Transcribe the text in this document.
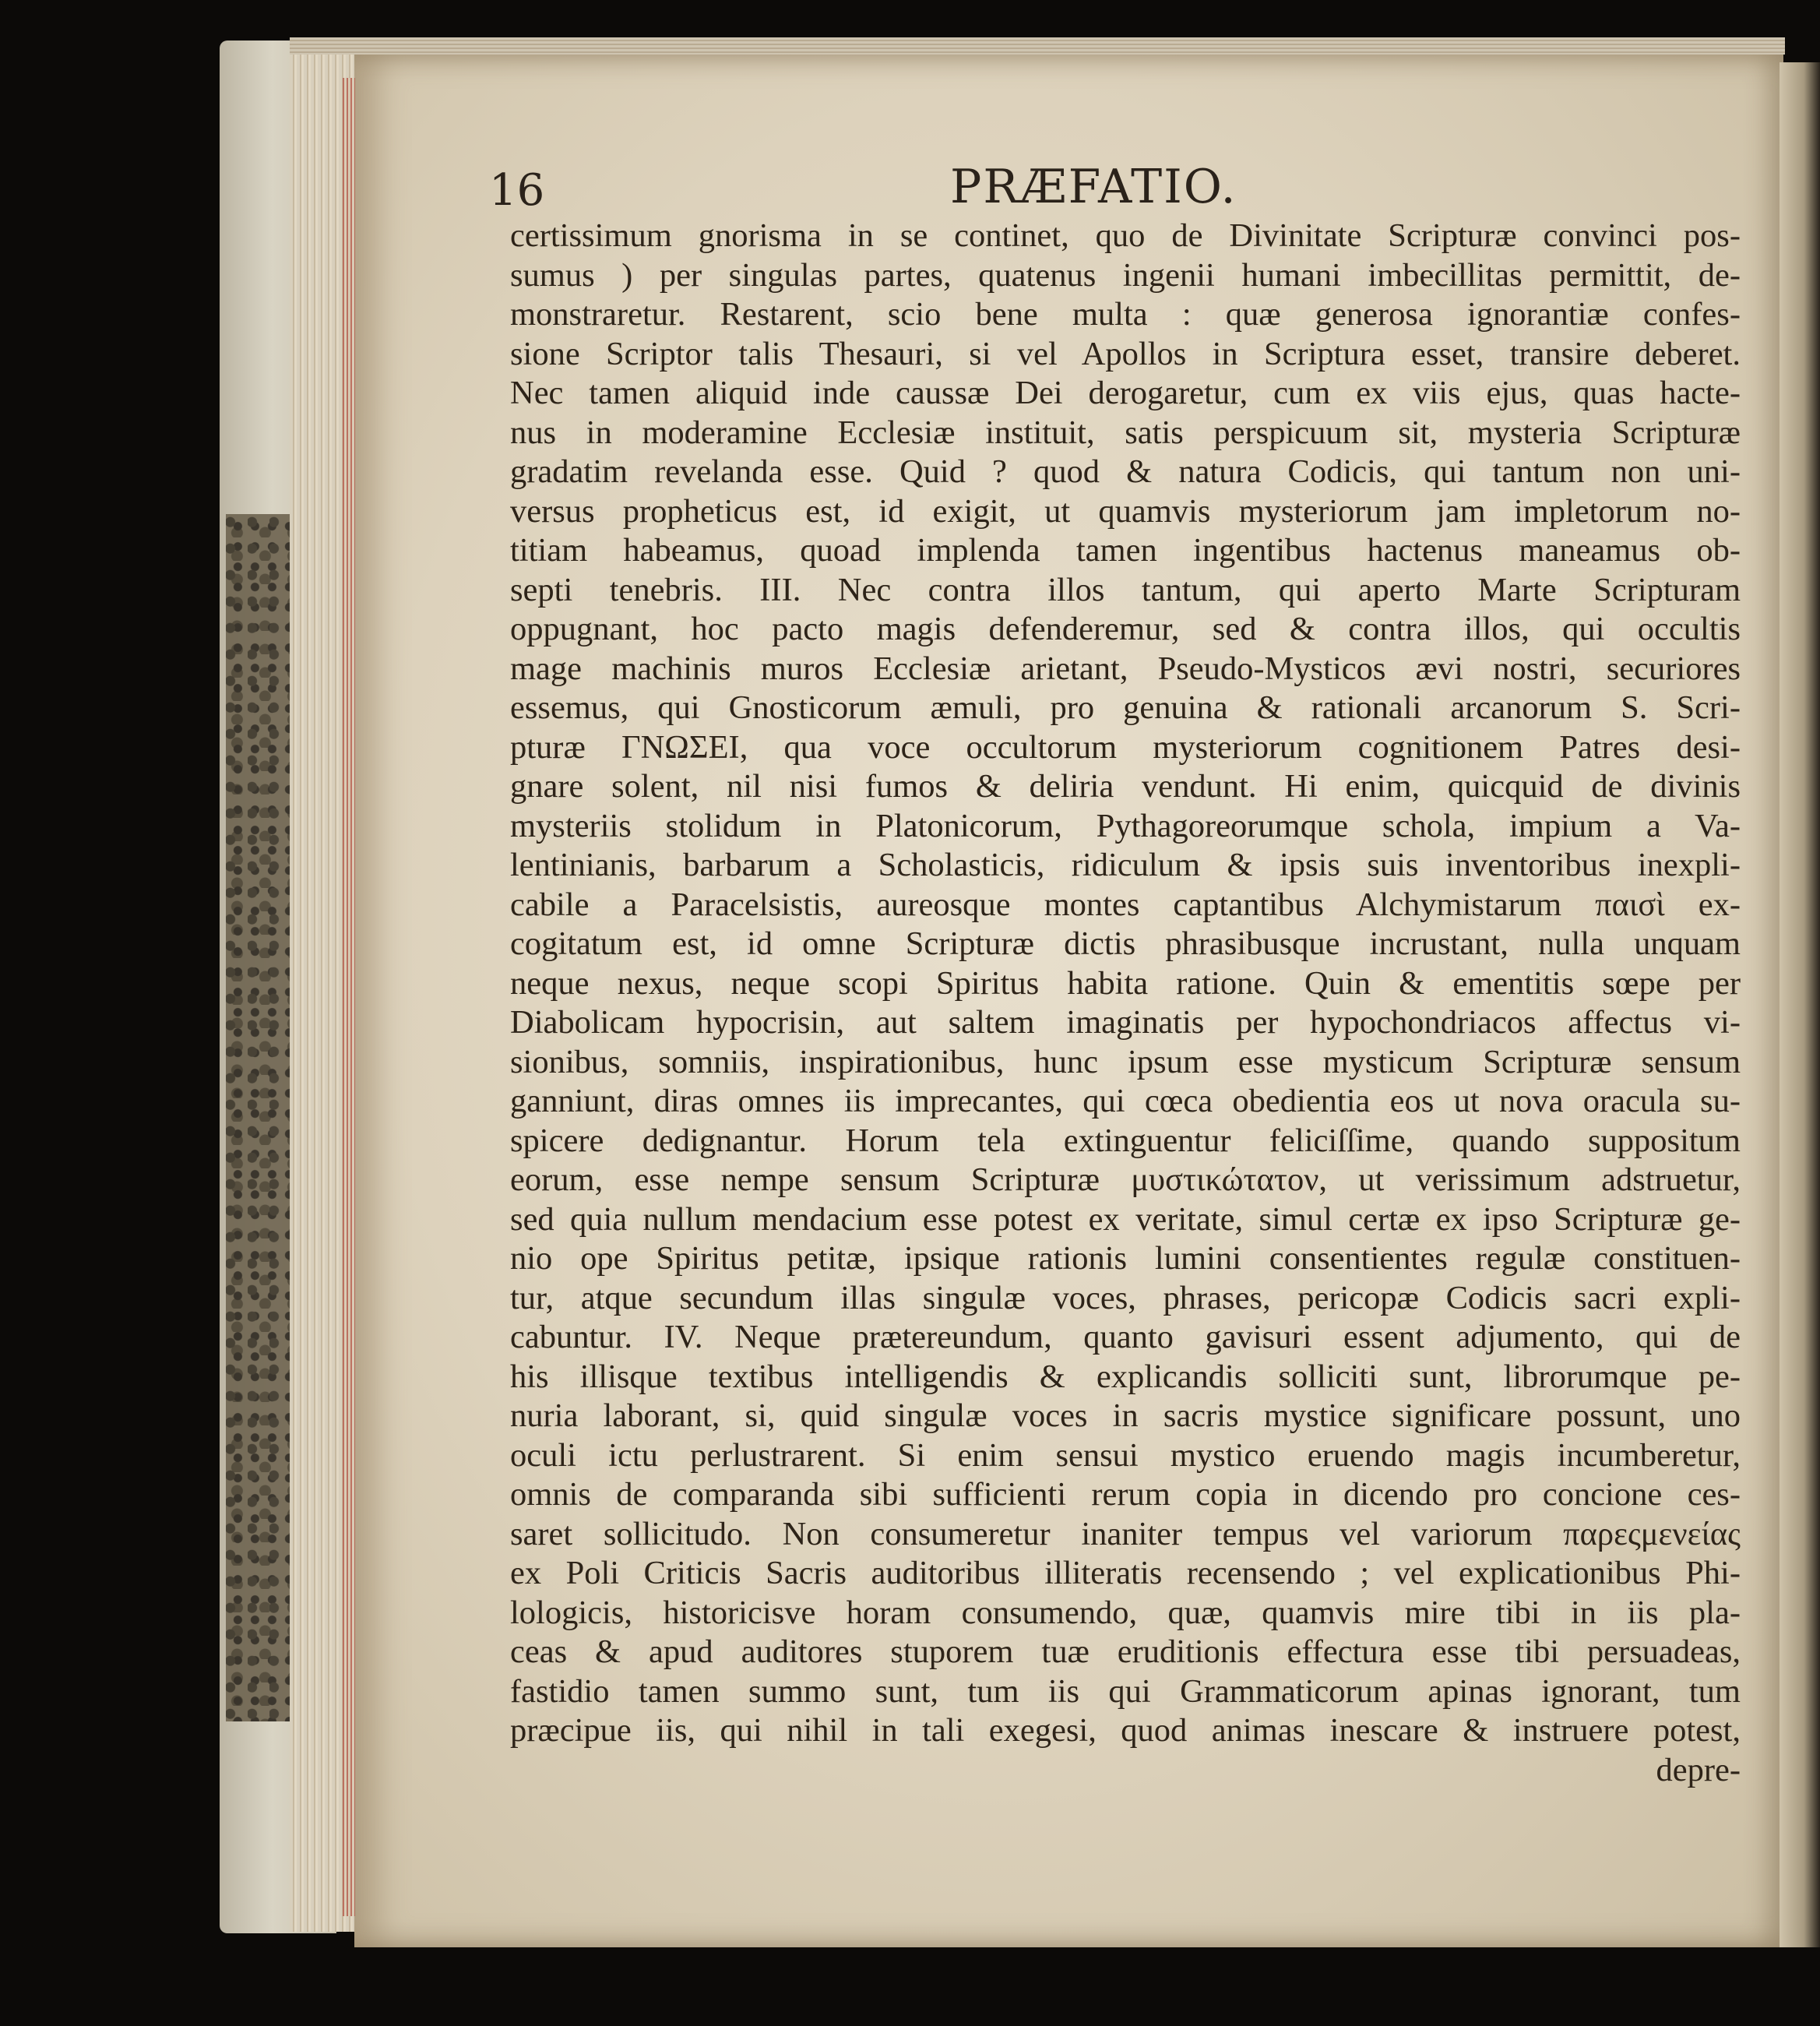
16	PRÆFATIO.
certissimum gnorisma in se continet, quo de Divinitate Scripturæ convinci pos-
sumus ) per singulas partes, quatenus ingenii humani imbecillitas permittit, de-
monstraretur. Restarent, scio bene multa : quæ generosa ignorantiæ confes-
sione Scriptor talis Thesauri, si vel Apollos in Scriptura esset, transire deberet.
Nec tamen aliquid inde caussæ Dei derogaretur, cum ex viis ejus, quas hacte-
nus in moderamine Ecclesiæ instituit, satis perspicuum sit, mysteria Scripturæ
gradatim revelanda esse. Quid ? quod & natura Codicis, qui tantum non uni-
versus propheticus est, id exigit, ut quamvis mysteriorum jam impletorum no-
titiam habeamus, quoad implenda tamen ingentibus hactenus maneamus ob-
septi tenebris. III. Nec contra illos tantum, qui aperto Marte Scripturam
oppugnant, hoc pacto magis defenderemur, sed & contra illos, qui occultis
mage machinis muros Ecclesiæ arietant, Pseudo-Mysticos ævi nostri, securiores
essemus, qui Gnosticorum æmuli, pro genuina & rationali arcanorum S. Scri-
pturæ ΓΝΩΣΕΙ, qua voce occultorum mysteriorum cognitionem Patres desi-
gnare solent, nil nisi fumos & deliria vendunt. Hi enim, quicquid de divinis
mysteriis stolidum in Platonicorum, Pythagoreorumque schola, impium a Va-
lentinianis, barbarum a Scholasticis, ridiculum & ipsis suis inventoribus inexpli-
cabile a Paracelsistis, aureosque montes captantibus Alchymistarum παισὶ ex-
cogitatum est, id omne Scripturæ dictis phrasibusque incrustant, nulla unquam
neque nexus, neque scopi Spiritus habita ratione. Quin & ementitis sœpe per
Diabolicam hypocrisin, aut saltem imaginatis per hypochondriacos affectus vi-
sionibus, somniis, inspirationibus, hunc ipsum esse mysticum Scripturæ sensum
ganniunt, diras omnes iis imprecantes, qui cœca obedientia eos ut nova oracula su-
spicere dedignantur. Horum tela extinguentur feliciſſime, quando suppositum
eorum, esse nempe sensum Scripturæ μυστικώτατον, ut verissimum adstruetur,
sed quia nullum mendacium esse potest ex veritate, simul certæ ex ipso Scripturæ ge-
nio ope Spiritus petitæ, ipsique rationis lumini consentientes regulæ constituen-
tur, atque secundum illas singulæ voces, phrases, pericopæ Codicis sacri expli-
cabuntur. IV. Neque prætereundum, quanto gavisuri essent adjumento, qui de
his illisque textibus intelligendis & explicandis solliciti sunt, librorumque pe-
nuria laborant, si, quid singulæ voces in sacris mystice significare possunt, uno
oculi ictu perlustrarent. Si enim sensui mystico eruendo magis incumberetur,
omnis de comparanda sibi sufficienti rerum copia in dicendo pro concione ces-
saret sollicitudo. Non consumeretur inaniter tempus vel variorum παρεςμενείας
ex Poli Criticis Sacris auditoribus illiteratis recensendo ; vel explicationibus Phi-
lologicis, historicisve horam consumendo, quæ, quamvis mire tibi in iis pla-
ceas & apud auditores stuporem tuæ eruditionis effectura esse tibi persuadeas,
fastidio tamen summo sunt, tum iis qui Grammaticorum apinas ignorant, tum
præcipue iis, qui nihil in tali exegesi, quod animas inescare & instruere potest,
depre-
